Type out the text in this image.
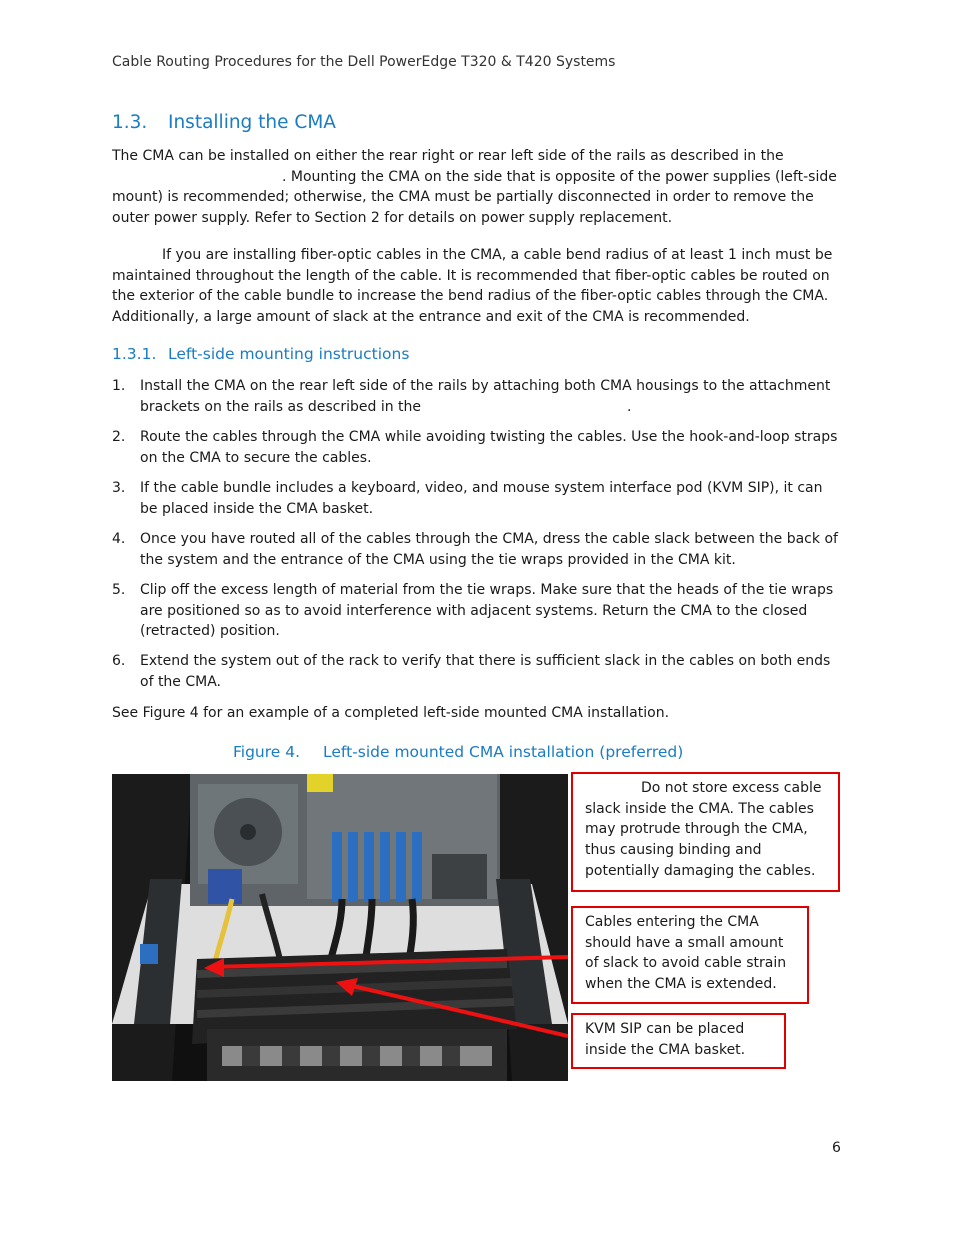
Cable Routing Procedures for the Dell PowerEdge T320 & T420 Systems
1.3. Installing the CMA
The CMA can be installed on either the rear right or rear left side of the rails as described in the
. Mounting the CMA on the side that is opposite of the power supplies (left-side
mount) is recommended; otherwise, the CMA must be partially disconnected in order to remove the
outer power supply. Refer to Section 2 for details on power supply replacement.
If you are installing fiber-optic cables in the CMA, a cable bend radius of at least 1 inch must be
maintained throughout the length of the cable. It is recommended that fiber-optic cables be routed on
the exterior of the cable bundle to increase the bend radius of the fiber-optic cables through the CMA.
Additionally, a large amount of slack at the entrance and exit of the CMA is recommended.
1.3.1. Left-side mounting instructions
1. Install the CMA on the rear left side of the rails by attaching both CMA housings to the attachment
brackets on the rails as described in the	.
2. Route the cables through the CMA while avoiding twisting the cables. Use the hook-and-loop straps
on the CMA to secure the cables.
3. If the cable bundle includes a keyboard, video, and mouse system interface pod (KVM SIP), it can
be placed inside the CMA basket.
4. Once you have routed all of the cables through the CMA, dress the cable slack between the back of
the system and the entrance of the CMA using the tie wraps provided in the CMA kit.
5. Clip off the excess length of material from the tie wraps. Make sure that the heads of the tie wraps
are positioned so as to avoid interference with adjacent systems. Return the CMA to the closed
(retracted) position.
6. Extend the system out of the rack to verify that there is sufficient slack in the cables on both ends
of the CMA.
See Figure 4 for an example of a completed left-side mounted CMA installation.
Figure 4. Left-side mounted CMA installation (preferred)
Do not store excess cable
slack inside the CMA. The cables
may protrude through the CMA,
thus causing binding and
potentially damaging the cables.
Cables entering the CMA
should have a small amount
of slack to avoid cable strain
when the CMA is extended.
KVM SIP can be placed
inside the CMA basket.
6
